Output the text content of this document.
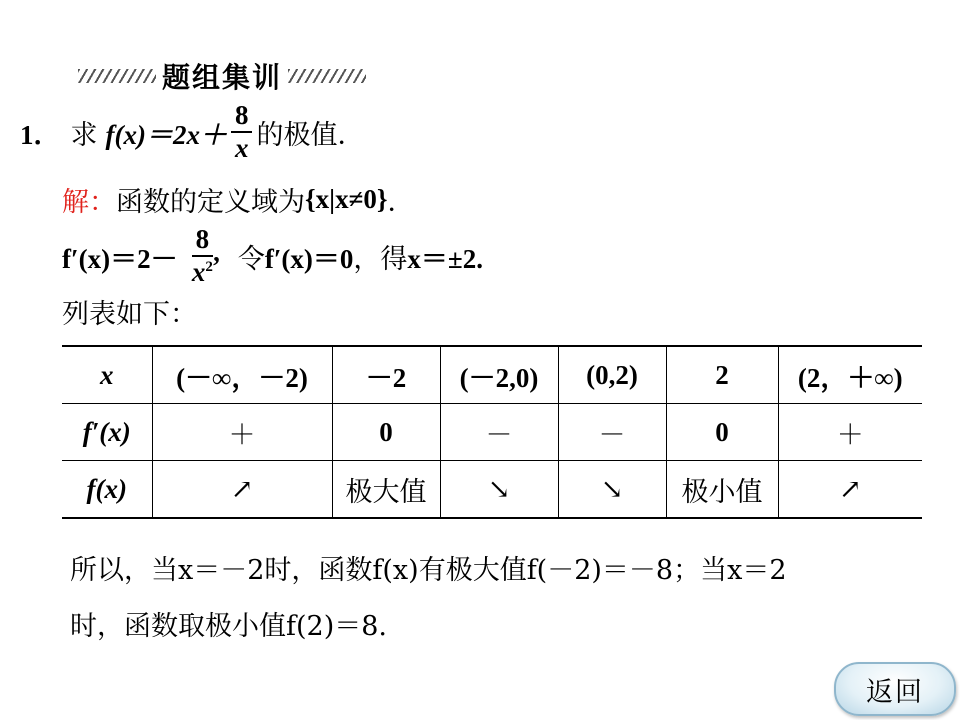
题组集训
1． 求 $f(x)=2x+ \frac{8}{x}$ 的极值．
解： 函数的定义域为 {x|x≠0} ．
$f'(x)=2- \frac{8}{x^2}$ , 令 f′(x)＝0 ，得 x＝±2.
列表如下：
x	(－∞，－2)	－2	(－2,0)	(0,2)	2	(2，＋∞)
f′(x)	＋	0	－	－	0	＋
f(x)	↗	极大值	↘	↘	极小值	↗
所以，当x＝－2时，函数f(x)有极大值f(－2)＝－8；当x＝2
时，函数取极小值f(2)＝8.
返回
